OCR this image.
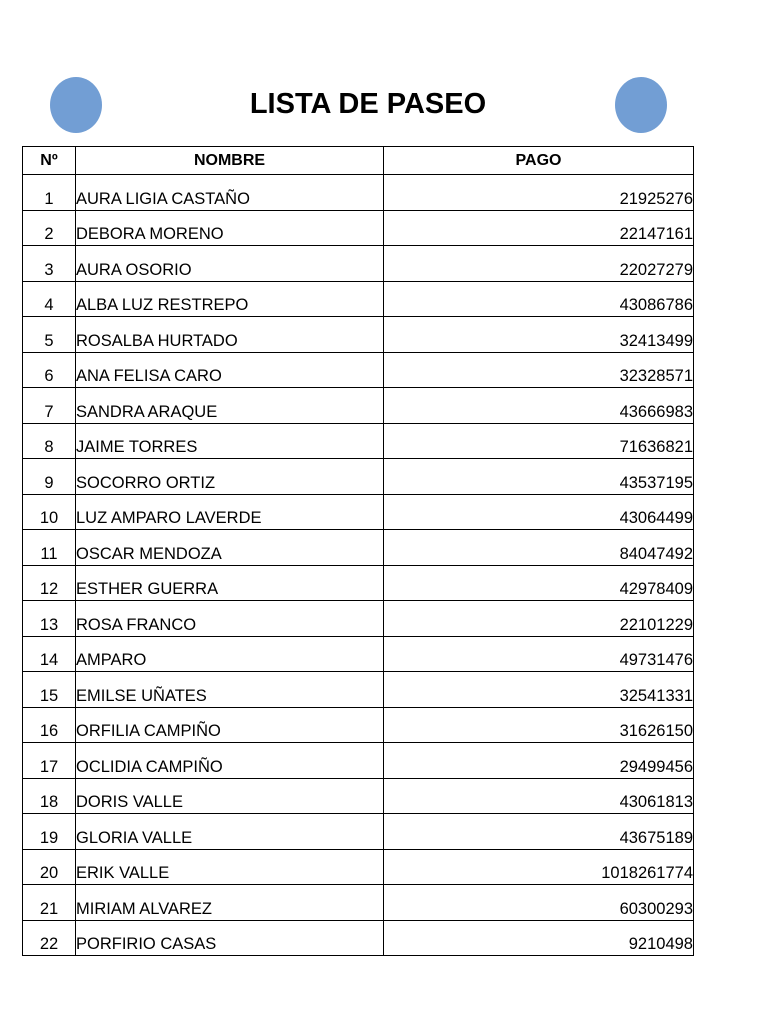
LISTA DE PASEO
Nº	NOMBRE	PAGO
1	AURA LIGIA CASTAÑO	21925276
2	DEBORA MORENO	22147161
3	AURA OSORIO	22027279
4	ALBA LUZ RESTREPO	43086786
5	ROSALBA HURTADO	32413499
6	ANA FELISA CARO	32328571
7	SANDRA ARAQUE	43666983
8	JAIME TORRES	71636821
9	SOCORRO ORTIZ	43537195
10	LUZ AMPARO LAVERDE	43064499
11	OSCAR MENDOZA	84047492
12	ESTHER GUERRA	42978409
13	ROSA FRANCO	22101229
14	AMPARO	49731476
15	EMILSE UÑATES	32541331
16	ORFILIA CAMPIÑO	31626150
17	OCLIDIA CAMPIÑO	29499456
18	DORIS VALLE	43061813
19	GLORIA VALLE	43675189
20	ERIK VALLE	1018261774
21	MIRIAM ALVAREZ	60300293
22	PORFIRIO CASAS	9210498
